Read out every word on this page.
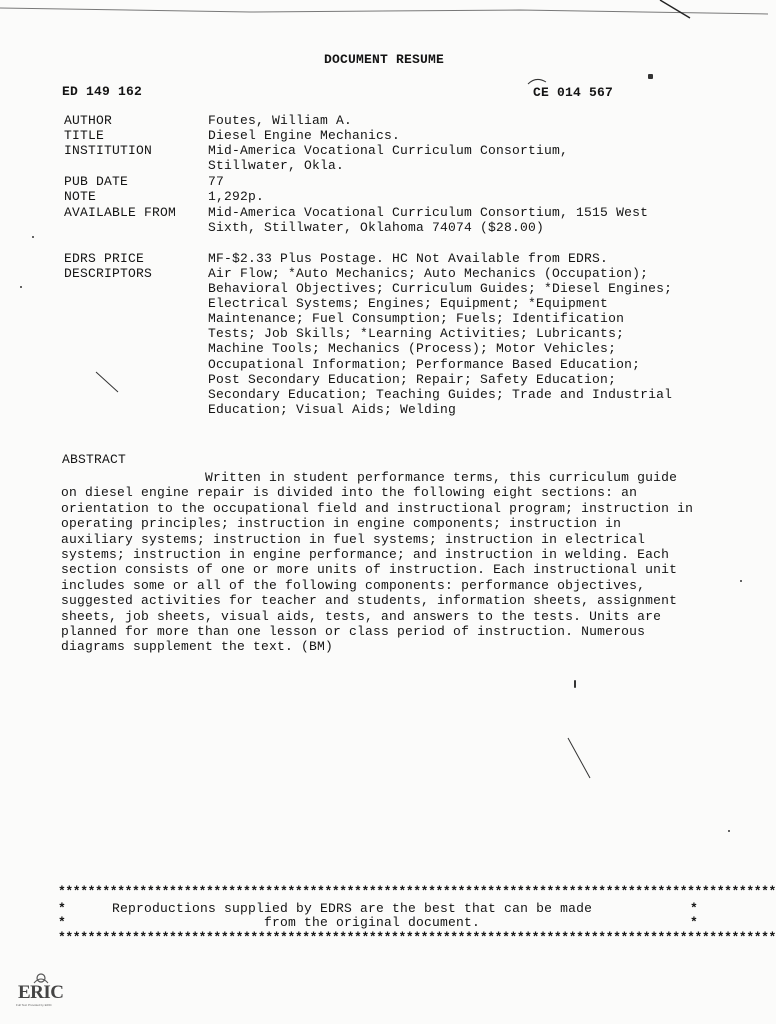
DOCUMENT RESUME
ED 149 162	CE 014 567
AUTHOR	Foutes, William A.
TITLE	Diesel Engine Mechanics.
INSTITUTION	Mid-America Vocational Curriculum Consortium, Stillwater, Okla.
PUB DATE	77
NOTE	1,292p.
AVAILABLE FROM	Mid-America Vocational Curriculum Consortium, 1515 West Sixth, Stillwater, Oklahoma 74074 ($28.00)
EDRS PRICE	MF-$2.33 Plus Postage. HC Not Available from EDRS.
DESCRIPTORS	Air Flow; *Auto Mechanics; Auto Mechanics (Occupation); Behavioral Objectives; Curriculum Guides; *Diesel Engines; Electrical Systems; Engines; Equipment; *Equipment Maintenance; Fuel Consumption; Fuels; Identification Tests; Job Skills; *Learning Activities; Lubricants; Machine Tools; Mechanics (Process); Motor Vehicles; Occupational Information; Performance Based Education; Post Secondary Education; Repair; Safety Education; Secondary Education; Teaching Guides; Trade and Industrial Education; Visual Aids; Welding
ABSTRACT
Written in student performance terms, this curriculum guide on diesel engine repair is divided into the following eight sections: an orientation to the occupational field and instructional program; instruction in operating principles; instruction in engine components; instruction in auxiliary systems; instruction in fuel systems; instruction in electrical systems; instruction in engine performance; and instruction in welding. Each section consists of one or more units of instruction. Each instructional unit includes some or all of the following components: performance objectives, suggested activities for teacher and students, information sheets, assignment sheets, job sheets, visual aids, tests, and answers to the tests. Units are planned for more than one lesson or class period of instruction. Numerous diagrams supplement the text. (BM)
*************************************************************************************************
*
*
*
*
Reproductions supplied by EDRS are the best that can be made
from the original document.
*************************************************************************************************
ERIC
Full Text Provided by ERIC
